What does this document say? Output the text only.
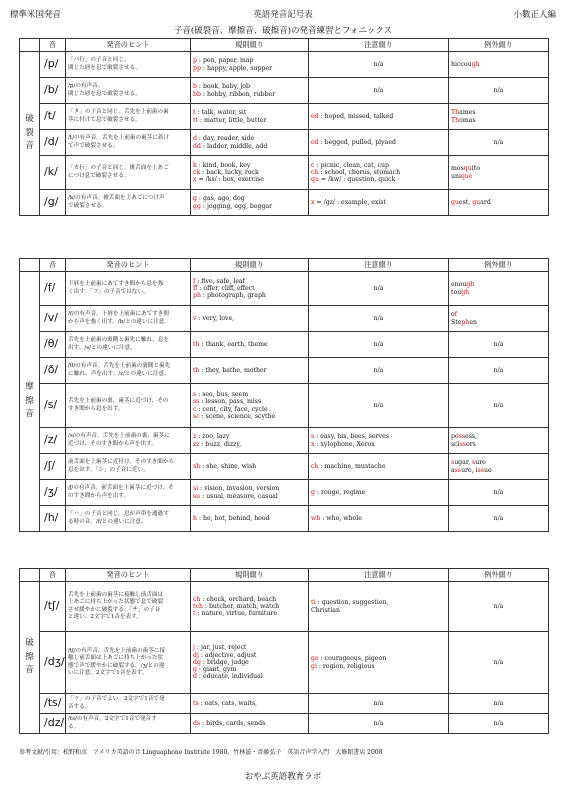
標準米国発音	英語発音記号表	小數正人編
子音(破裂音、摩擦音、破擦音)の発音練習とフォニックス
	音	発音のヒント	規則綴り	注意綴り	例外綴り
破
裂
音	/p/	「パ行」の子音と同じ。
閉じた唇を息で破裂させる。	p : pen, paper, map
pp : happy, apple, supper	n/a	hiccough

	/b/	/p/の有声音。
閉じた唇を息で破裂させる。	b : book, baby, job
bb : hobby, ribbon, rubber	n/a	n/a
	/t/	「タ」の子音と同じ。舌先を上前歯の歯
茎に付けて息で破裂させる。	t : talk, water, sit
tt : matter, little, butter	ed : hoped, missed, talked	Thames
Thomas

	/d/	/t/の有声音。舌先を上前歯の歯茎に着け
て声で破裂させる。	d : day, reader, side
dd : ladder, middle, add	ed : begged, pulled, plyaed	n/a
	/k/	「カ行」の子音と同じ。後舌面を上あご
につけ息で破裂させる。	k : kind, book, key
ck : back, lucky, rock
x = /ks/ : box, exercise	c : picnic, clean, cat, cup
ch : school, chorus, stomach
qu = /kw/ : question, quick	mosquito
unique

	/g/	/k/の有声音。後舌面を上あごにつけ声
で破裂させる。	g : gas, ago, dog
gg : jogging, egg, beggar	x = /gz/ : example, exist	guest, guard
	音	発音のヒント	規則綴り	注意綴り	例外綴り
摩
擦
音	/f/	下唇を上前歯にあてすき間から息を強
く出す。「フ」の子音ではない。	f : five, safe, leaf
ff : offer, cliff, effect
ph : photograph, graph	n/a	enough
tough

	/v/	/f/の有声音。下唇を上前歯にあてすき間
から声を強く出す。/b/との違いに注意。	v : very, love,	n/a	of
Stephen

	/θ/	舌先を上前歯の裏側と歯先に触れ、息を
出す。/s/との違いに注意。	th : thank, earth, theme	n/a	n/a
	/ð/	/θ/の有声音。舌先を上前歯の裏側と歯先
に触れ、声を出す。/z/との違いに注意。	th : they, bathe, mother	n/a	n/a
	/s/	舌先を上前歯の裏、歯茎に近づけ、その
すき間から息を出す。	s : see, bus, seem
ss : lesson, pass, miss
c : cent, city, face, cycle
sc : scene, science, scythe	n/a	n/a
	/z/	/s/の有声音。舌先を上前歯の裏、歯茎に
近づけ、そのすき間から声を出す。	z : zoo, lazy
zz : buzz, dizzy,	s : easy, his, bees, serves
x : xylophone, Xerox	possess,
scissors

	/ʃ/	前舌面を上歯茎に近付け、そのすき間から
息を出す。「シ」の子音に近い。	sh : she, shine, wish	ch : machine, mustache	sugar, sure
assure, issue

	/ʒ/	/ʃ/の有声音。前舌面を上歯茎に近づけ、そ
のすき間から声を出す。	si : vision, invasion, version
su : usual, measure, casual	g : rouge, regime	n/a
	/h/	「ハ」の子音と同じ。息が声帯を通過す
る時の音。/f/との違いに注意。	h : he, hot, behind, hood	wh : who, whole	n/a
	音	発音のヒント	規則綴り	注意綴り	例外綴り
破
擦
音	/tʃ/	舌先を上前歯の歯茎に接触し前舌面は
上あごに持ち上がった状態で息で破裂
させ緩やかに破裂する。「チ」の子音
と違い、2文字で1音を表す。	ch : check, orchard, beach
tch : butcher, match, watch
t : nature, virtue, furniture	ti : question, suggestion,
Christian	n/a
	/dʒ/	/tʃ/の有声音。舌先を上前歯の歯茎に接
触し前舌面は上あごに持ち上がった状
態で声で緩やかに破裂する。/ʒ/との違
いに注意。2文字で1音を表す。	j : jar, just, reject
dj : adjective, adjust
dg : bridge, judge
g : giant, gym
d : educate, individual	ge : courageous, pigeon
gi : region, religious	n/a
	/ts/	「ツ」の子音でよい。2文字で1音で発
音する。	ts : eats, cats, waits,	n/a	n/a
	/dz/	/ts/の有声音。2文字で1音で発音す
る。	ds : birds, cards, sends	n/a	n/a
参考文献/引用：松野和彦　アメリカ英語の音 Linguaphone Institute 1980、竹林滋・斉藤弘子　英語音声学入門　大修館書店 2008
おやぶ英語教育ラボ
